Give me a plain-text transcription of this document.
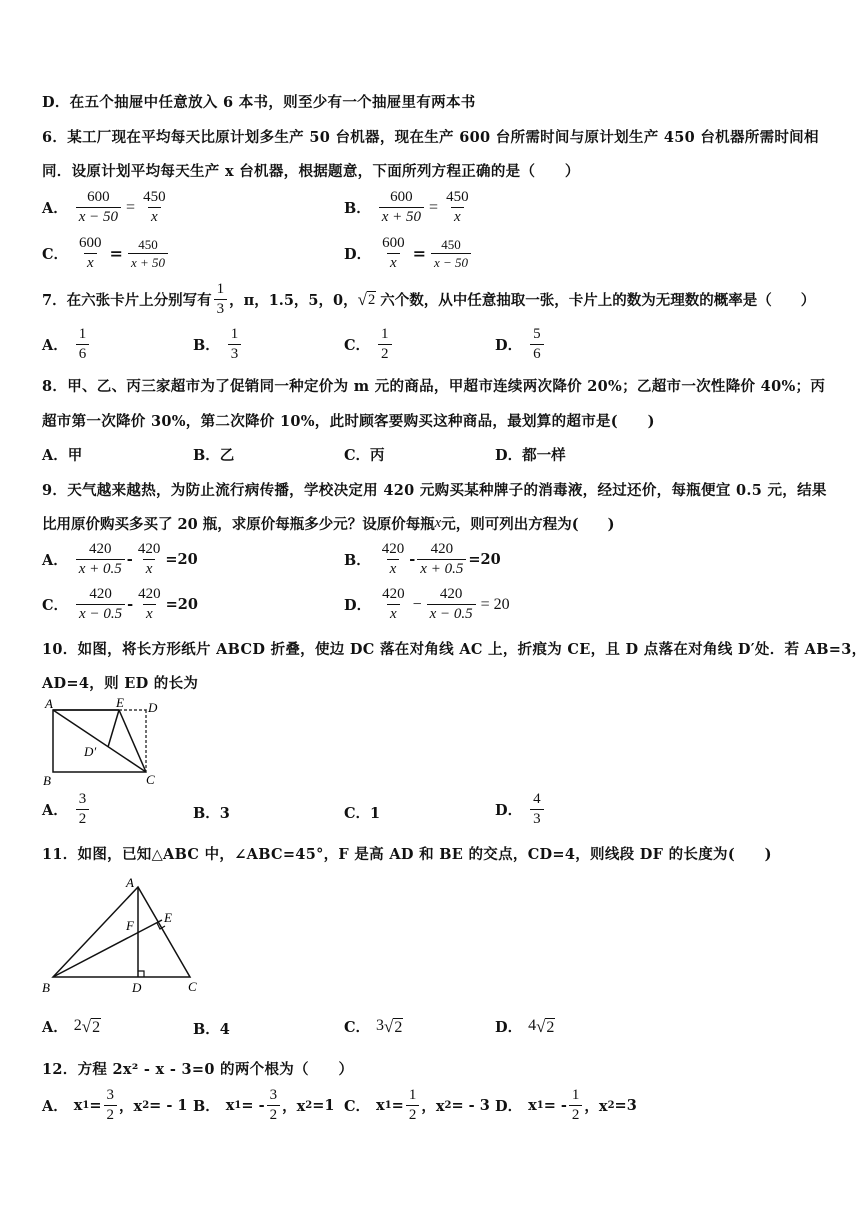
D．在五个抽屉中任意放入 6 本书，则至少有一个抽屉里有两本书
6．某工厂现在平均每天比原计划多生产 50 台机器，现在生产 600 台所需时间与原计划生产 450 台机器所需时间相
同．设原计划平均每天生产 x 台机器，根据题意，下面所列方程正确的是（　　）
A． $\frac{600}{x - 50} = \frac{450}{x}$	B． $\frac{600}{x + 50} = \frac{450}{x}$
C． $\frac{600}{x} = \frac{450}{x + 50}$	D． $\frac{600}{x} = \frac{450}{x - 50}$
7．在六张卡片上分别写有 $\frac{1}{3}$ ，π，1.5，5，0， √ 2 六个数，从中任意抽取一张，卡片上的数为无理数的概率是（　　）
A． $\frac{1}{6}$	B． $\frac{1}{3}$	C． $\frac{1}{2}$	D． $\frac{5}{6}$
8．甲、乙、丙三家超市为了促销同一种定价为 m 元的商品，甲超市连续两次降价 20%；乙超市一次性降价 40%；丙
超市第一次降价 30%，第二次降价 10%，此时顾客要购买这种商品，最划算的超市是(　　)
A．甲	B．乙	C．丙	D．都一样
9．天气越来越热，为防止流行病传播，学校决定用 420 元购买某种牌子的消毒液，经过还价，每瓶便宜 0.5 元，结果
比用原价购买多买了 20 瓶，求原价每瓶多少元？设原价每瓶 x 元，则可列出方程为(　　)
A． $\frac{420}{x + 0.5} - \frac{420}{x} =20$	B． $\frac{420}{x} - \frac{420}{x + 0.5} =20$
C． $\frac{420}{x - 0.5} - \frac{420}{x} =20$	D． $\frac{420}{x} - \frac{420}{x - 0.5} = 20$
10．如图，将长方形纸片 ABCD 折叠，使边 DC 落在对角线 AC 上，折痕为 CE，且 D 点落在对角线 D′处．若 AB=3，
AD=4，则 ED 的长为
A	E D
D′
B	C
A． $\frac{3}{2}$	B．3	C．1	D． $\frac{4}{3}$
11．如图，已知△ABC 中，∠ABC=45°，F 是高 AD 和 BE 的交点，CD=4，则线段 DF 的长度为(　　)
A
E
F
B	D	C
A． 2 √ 2	B．4	C． 3 √ 2	D． 4 √ 2
12．方程 2x² - x - 3=0 的两个根为（　　）
A． x $1 = \frac{3}{2}$ ，x 2 = - 1 B． x 1 = - $\frac{3}{2}$ ，x 2 =1 C． x $1 = \frac{1}{2}$ ，x 2 = - 3 D． x 1 = - $\frac{1}{2}$ ，x 2 =3
